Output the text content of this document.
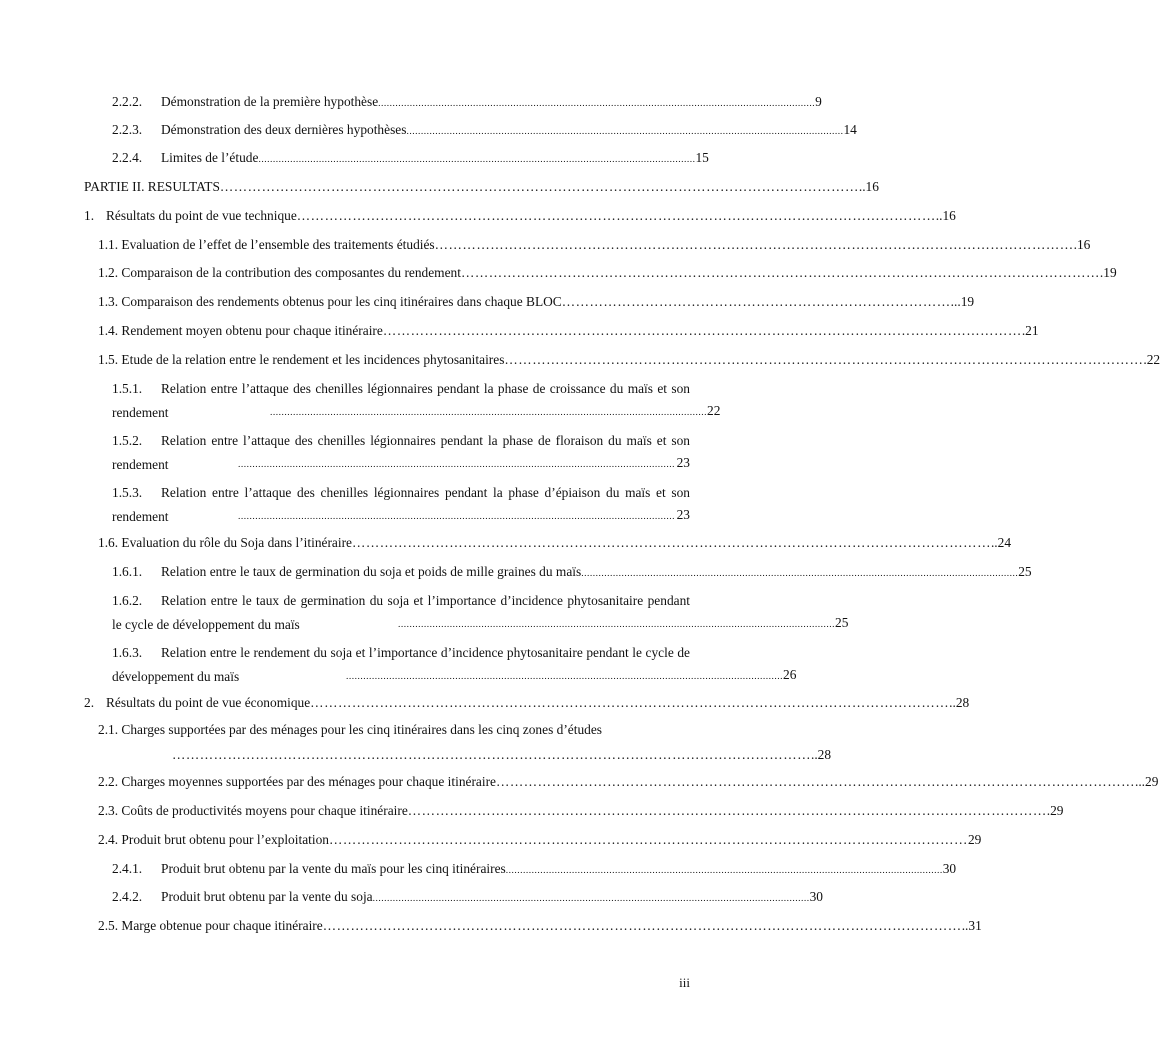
2.2.2.	Démonstration de la première hypothèse ........................................................................................................................................................ 9
2.2.3.	Démonstration des deux dernières hypothèses ........................................................................................................................................................ 14
2.2.4.	Limites de l’étude ........................................................................................................................................................ 15
PARTIE II. RESULTATS ………………………………………………………………………………………………………………………… ..16
1. Résultats du point de vue technique ………………………………………………………………………………………………………………………… ..16
1.1. Evaluation de l’effet de l’ensemble des traitements étudiés ………………………………………………………………………………………………………………………… .16
1.2. Comparaison de la contribution des composantes du rendement ………………………………………………………………………………………………………………………… .19
1.3. Comparaison des rendements obtenus pour les cinq itinéraires dans chaque BLOC ………………………………………………………………………… ...19
1.4. Rendement moyen obtenu pour chaque itinéraire ………………………………………………………………………………………………………………………… .21
1.5. Etude de la relation entre le rendement et les incidences phytosanitaires ………………………………………………………………………………………………………………………… .22
1.5.1. Relation entre l’attaque des chenilles légionnaires pendant la phase de croissance du maïs et son rendement	........................................................................................................................................................ 22
1.5.2. Relation entre l’attaque des chenilles légionnaires pendant la phase de floraison du maïs et son rendement	........................................................................................................................................................ 23
1.5.3. Relation entre l’attaque des chenilles légionnaires pendant la phase d’épiaison du maïs et son rendement	........................................................................................................................................................ 23
1.6. Evaluation du rôle du Soja dans l’itinéraire ………………………………………………………………………………………………………………………… ..24
1.6.1.	Relation entre le taux de germination du soja et poids de mille graines du maïs ........................................................................................................................................................ 25
1.6.2. Relation entre le taux de germination du soja et l’importance d’incidence phytosanitaire pendant le cycle de développement du maïs	........................................................................................................................................................ 25
1.6.3. Relation entre le rendement du soja et l’importance d’incidence phytosanitaire pendant le cycle de développement du maïs	........................................................................................................................................................ 26
2. Résultats du point de vue économique ………………………………………………………………………………………………………………………… ..28
2.1. Charges supportées par des ménages pour les cinq itinéraires dans les cinq zones d’études
………………………………………………………………………………………………………………………… ..28
2.2. Charges moyennes supportées par des ménages pour chaque itinéraire ………………………………………………………………………………………………………………………… ...29
2.3. Coûts de productivités moyens pour chaque itinéraire ………………………………………………………………………………………………………………………… .29
2.4. Produit brut obtenu pour l’exploitation ………………………………………………………………………………………………………………………… 29
2.4.1.	Produit brut obtenu par la vente du maïs pour les cinq itinéraires ........................................................................................................................................................ 30
2.4.2.	Produit brut obtenu par la vente du soja ........................................................................................................................................................ 30
2.5. Marge obtenue pour chaque itinéraire ………………………………………………………………………………………………………………………… ..31
iii
